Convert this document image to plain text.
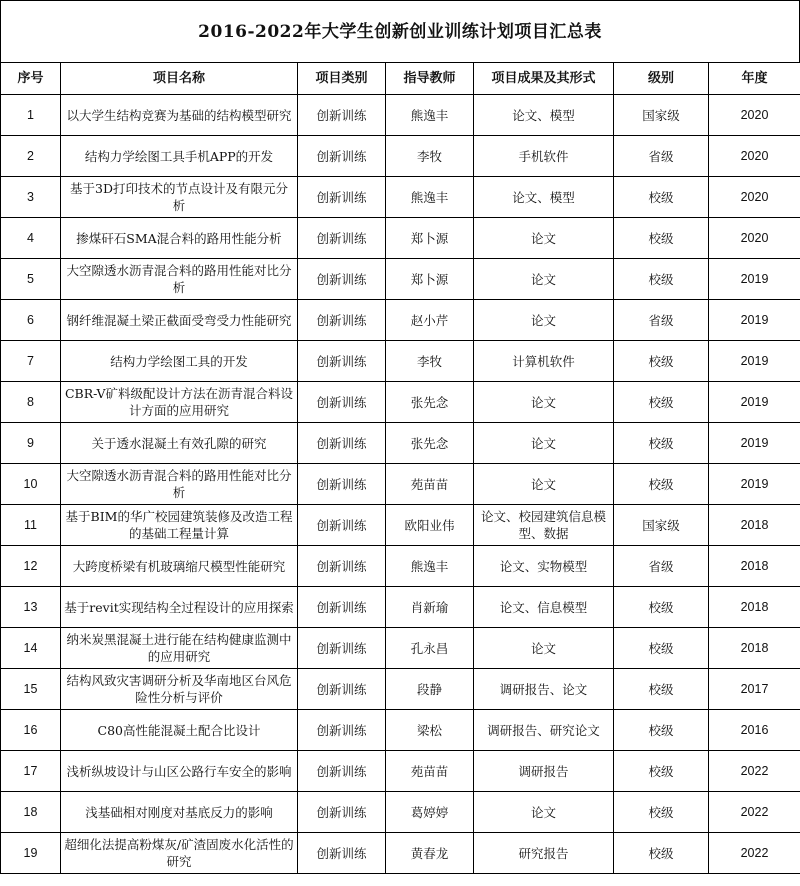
2016-2022年大学生创新创业训练计划项目汇总表
序号	项目名称	项目类别	指导教师	项目成果及其形式	级别	年度
1	以大学生结构竞赛为基础的结构模型研究	创新训练	熊逸丰	论文、模型	国家级	2020
2	结构力学绘图工具手机APP的开发	创新训练	李牧	手机软件	省级	2020
3	基于3D打印技术的节点设计及有限元分析	创新训练	熊逸丰	论文、模型	校级	2020
4	掺煤矸石SMA混合料的路用性能分析	创新训练	郑卜源	论文	校级	2020
5	大空隙透水沥青混合料的路用性能对比分析	创新训练	郑卜源	论文	校级	2019
6	钢纤维混凝土梁正截面受弯受力性能研究	创新训练	赵小芹	论文	省级	2019
7	结构力学绘图工具的开发	创新训练	李牧	计算机软件	校级	2019
8	CBR-V矿料级配设计方法在沥青混合料设计方面的应用研究	创新训练	张先念	论文	校级	2019
9	关于透水混凝土有效孔隙的研究	创新训练	张先念	论文	校级	2019
10	大空隙透水沥青混合料的路用性能对比分析	创新训练	苑苗苗	论文	校级	2019
11	基于BIM的华广校园建筑装修及改造工程的基础工程量计算	创新训练	欧阳业伟	论文、校园建筑信息模型、数据	国家级	2018
12	大跨度桥梁有机玻璃缩尺模型性能研究	创新训练	熊逸丰	论文、实物模型	省级	2018
13	基于revit实现结构全过程设计的应用探索	创新训练	肖新瑜	论文、信息模型	校级	2018
14	纳米炭黑混凝土进行能在结构健康监测中的应用研究	创新训练	孔永昌	论文	校级	2018
15	结构风致灾害调研分析及华南地区台风危险性分析与评价	创新训练	段静	调研报告、论文	校级	2017
16	C80高性能混凝土配合比设计	创新训练	梁松	调研报告、研究论文	校级	2016
17	浅析纵坡设计与山区公路行车安全的影响	创新训练	苑苗苗	调研报告	校级	2022
18	浅基础相对刚度对基底反力的影响	创新训练	葛婷婷	论文	校级	2022
19	超细化法提高粉煤灰/矿渣固废水化活性的研究	创新训练	黄春龙	研究报告	校级	2022
